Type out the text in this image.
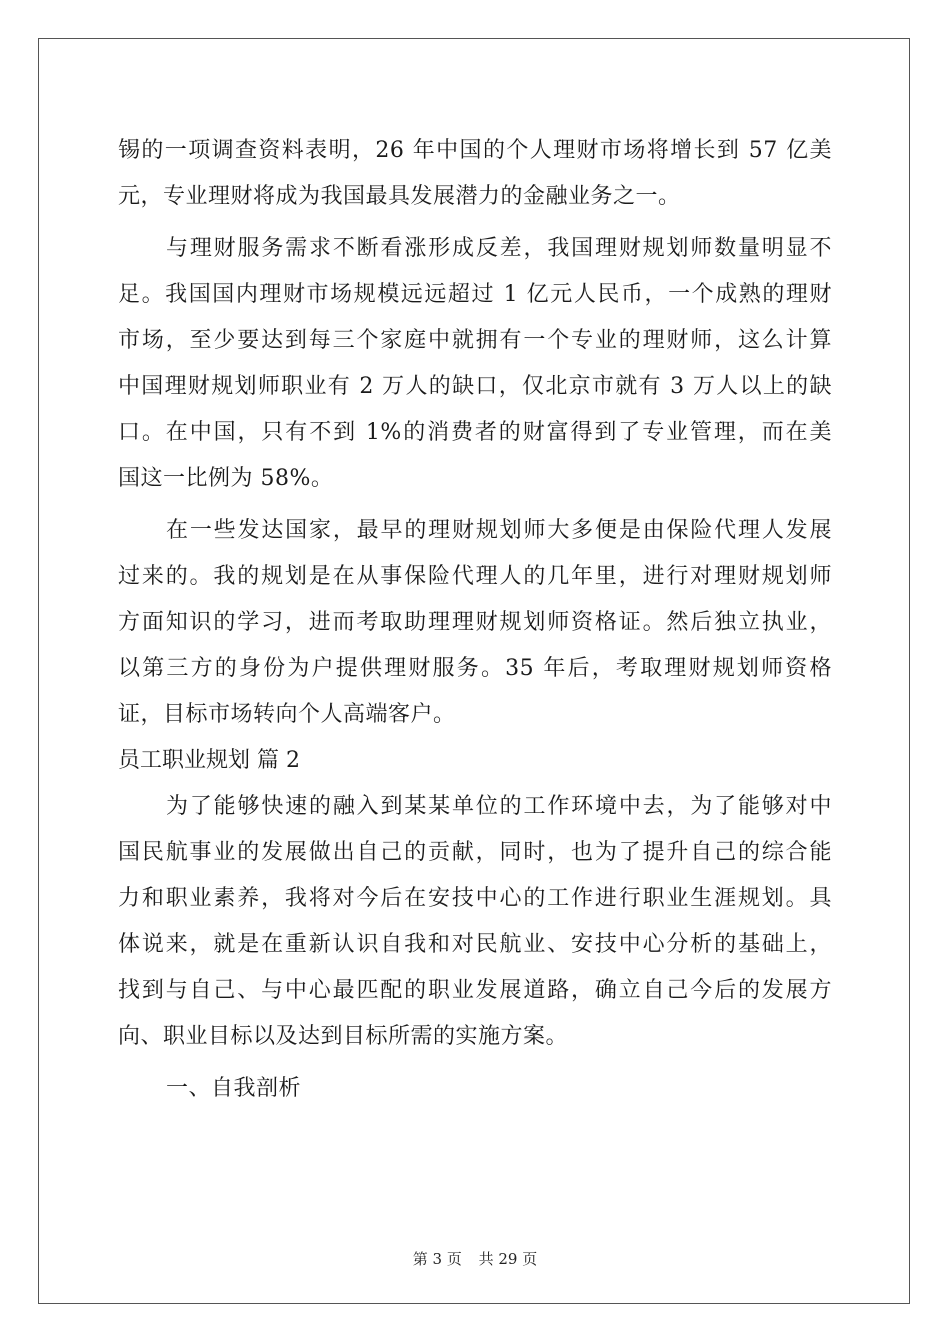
锡的一项调查资料表明，26 年中国的个人理财市场将增长到 57 亿美
元，专业理财将成为我国最具发展潜力的金融业务之一。
与理财服务需求不断看涨形成反差，我国理财规划师数量明显不
足。我国国内理财市场规模远远超过 1 亿元人民币，一个成熟的理财
市场，至少要达到每三个家庭中就拥有一个专业的理财师，这么计算
中国理财规划师职业有 2 万人的缺口，仅北京市就有 3 万人以上的缺
口。在中国，只有不到 1%的消费者的财富得到了专业管理，而在美
国这一比例为 58%。
在一些发达国家，最早的理财规划师大多便是由保险代理人发展
过来的。我的规划是在从事保险代理人的几年里，进行对理财规划师
方面知识的学习，进而考取助理理财规划师资格证。然后独立执业，
以第三方的身份为户提供理财服务。35 年后，考取理财规划师资格
证，目标市场转向个人高端客户。
员工职业规划 篇 2
为了能够快速的融入到某某单位的工作环境中去，为了能够对中
国民航事业的发展做出自己的贡献，同时，也为了提升自己的综合能
力和职业素养，我将对今后在安技中心的工作进行职业生涯规划。具
体说来，就是在重新认识自我和对民航业、安技中心分析的基础上，
找到与自己、与中心最匹配的职业发展道路，确立自己今后的发展方
向、职业目标以及达到目标所需的实施方案。
一、自我剖析
第 3 页 共 29 页
